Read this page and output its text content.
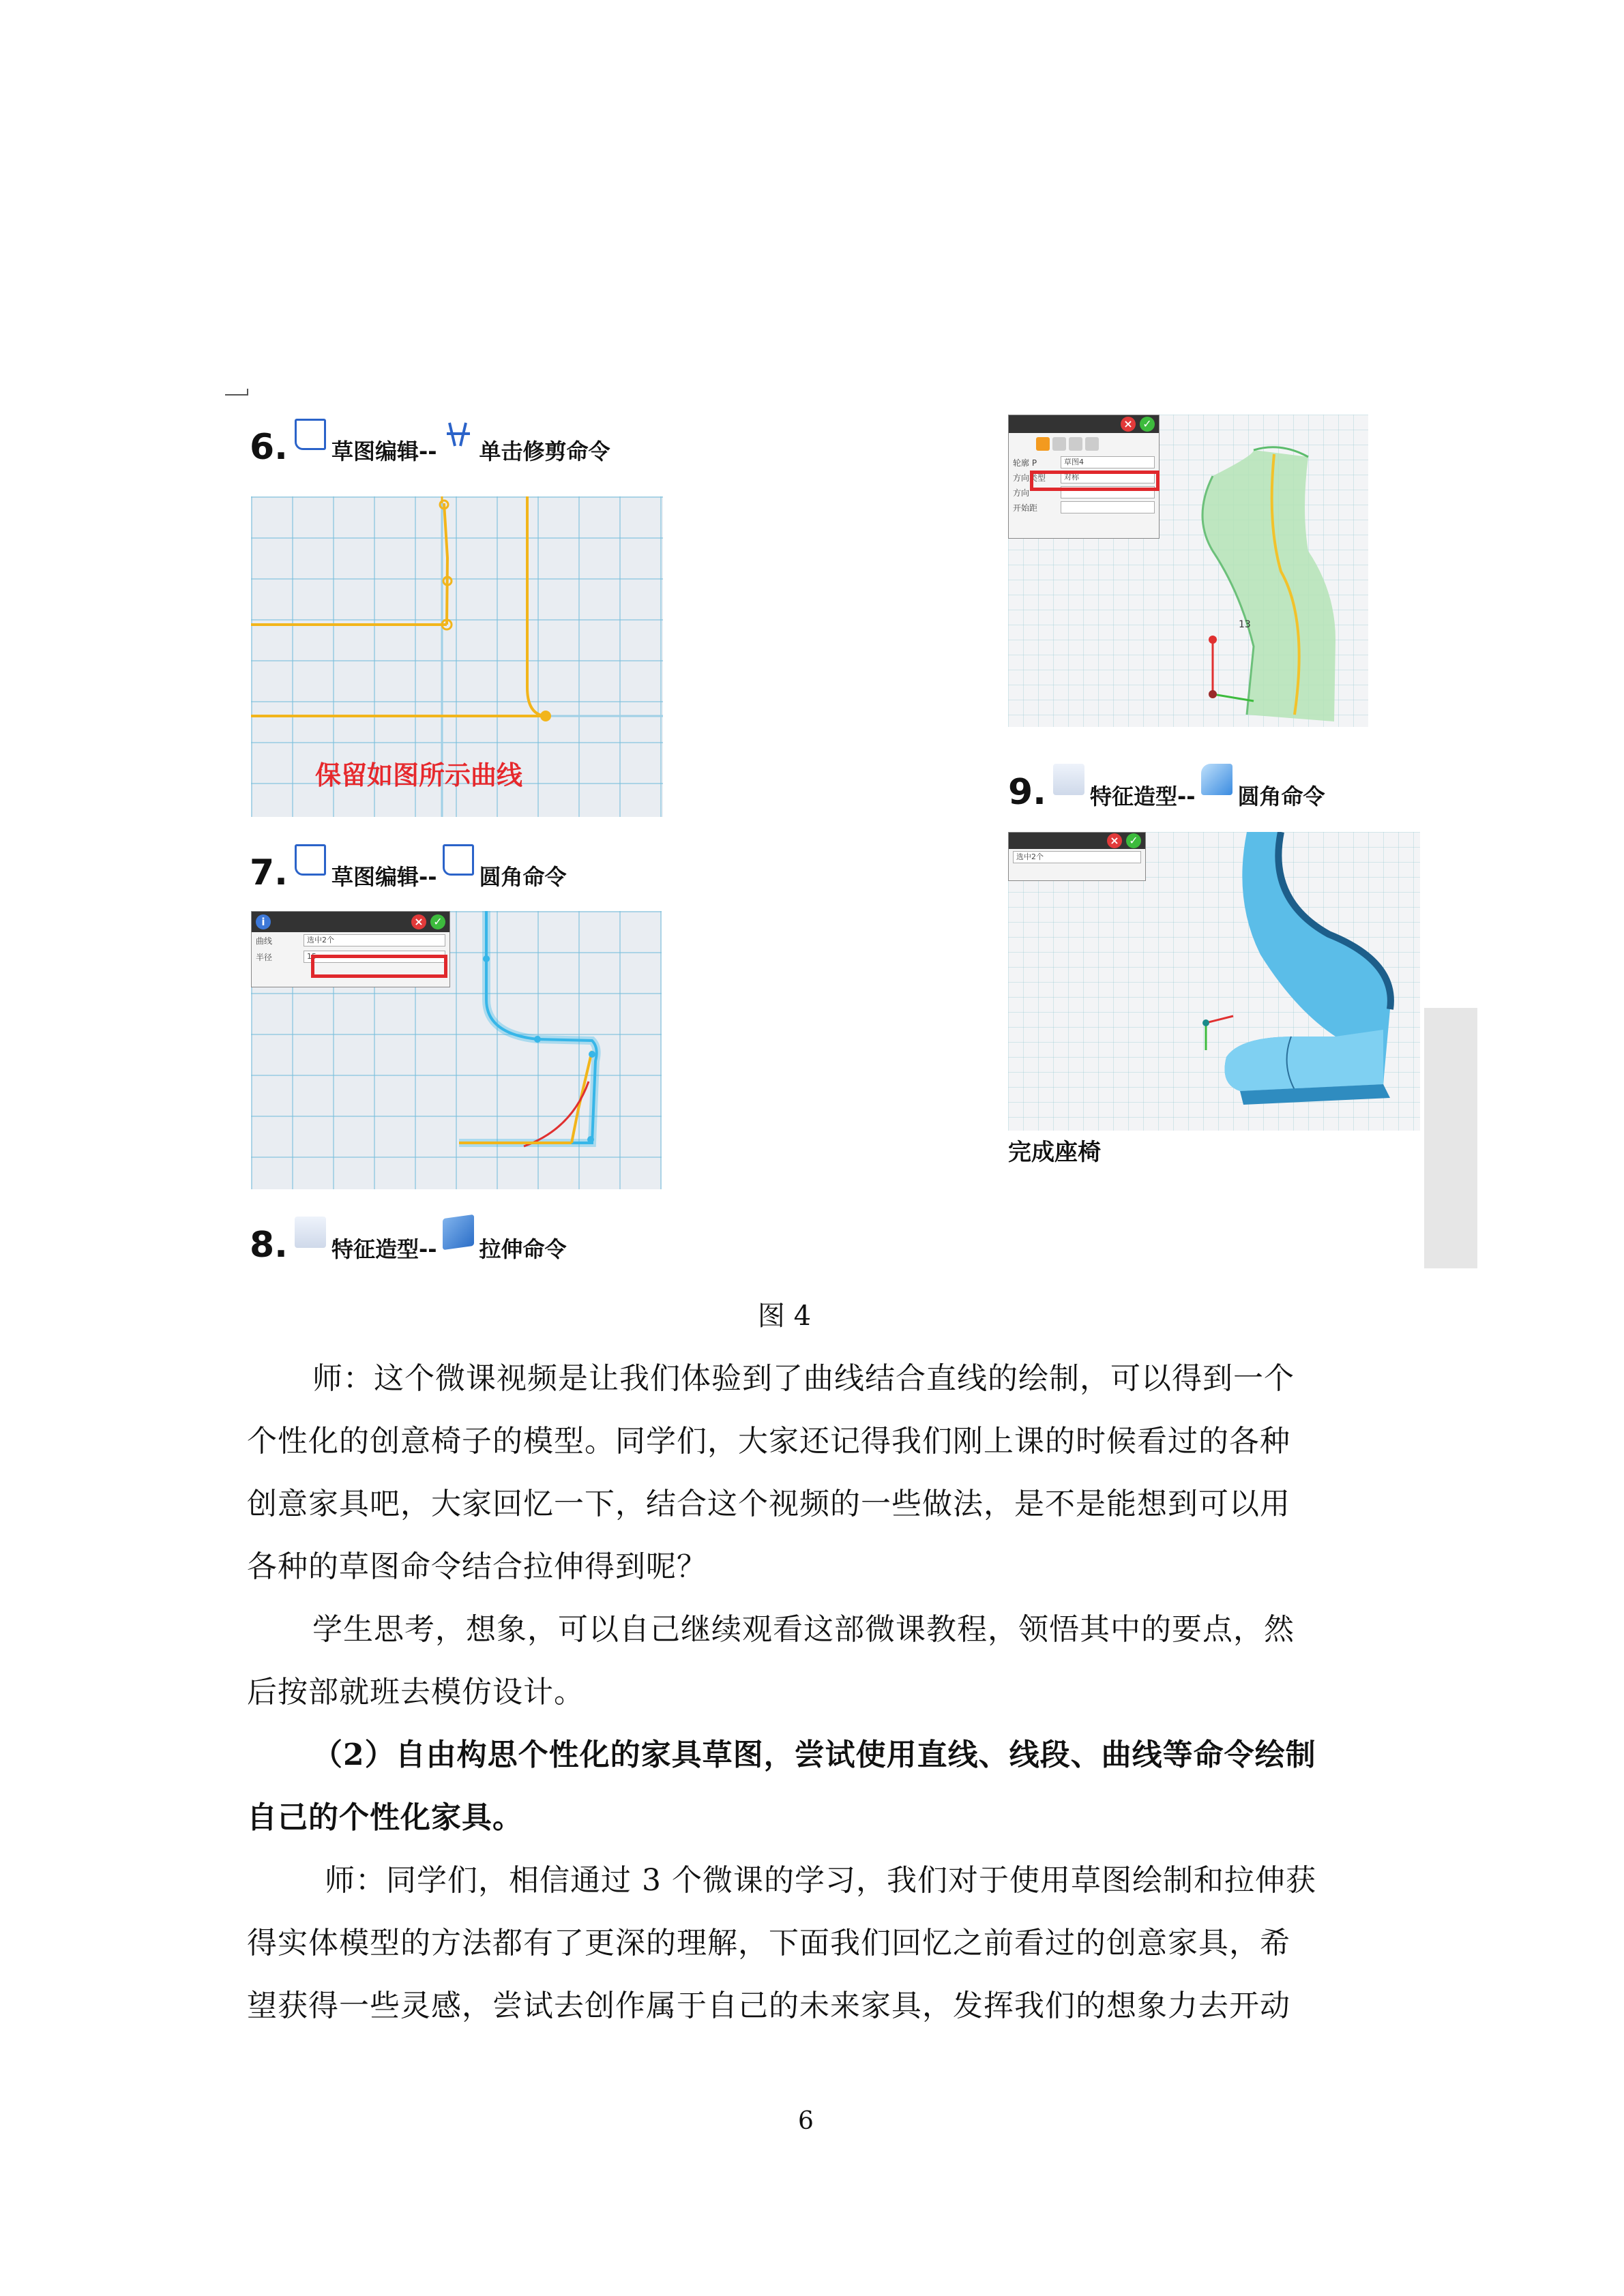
6. 草图编辑-- 单击修剪命令
保留如图所示曲线
7. 草图编辑-- 圆角命令
i	× ✓
曲线	选中2个
半径	15
8. 特征造型-- 拉伸命令
13
× ✓
轮廓 P	草图4
方向类型	对称
方向
开始距
9. 特征造型-- 圆角命令
× ✓
选中2个
完成座椅
图 4

师：这个微课视频是让我们体验到了曲线结合直线的绘制，可以得到一个

个性化的创意椅子的模型。同学们，大家还记得我们刚上课的时候看过的各种

创意家具吧，大家回忆一下，结合这个视频的一些做法，是不是能想到可以用

各种的草图命令结合拉伸得到呢？

学生思考，想象，可以自己继续观看这部微课教程，领悟其中的要点，然

后按部就班去模仿设计。

（2）自由构思个性化的家具草图，尝试使用直线、线段、曲线等命令绘制

自己的个性化家具。

师：同学们，相信通过 3 个微课的学习，我们对于使用草图绘制和拉伸获

得实体模型的方法都有了更深的理解，下面我们回忆之前看过的创意家具，希

望获得一些灵感，尝试去创作属于自己的未来家具，发挥我们的想象力去开动

6
